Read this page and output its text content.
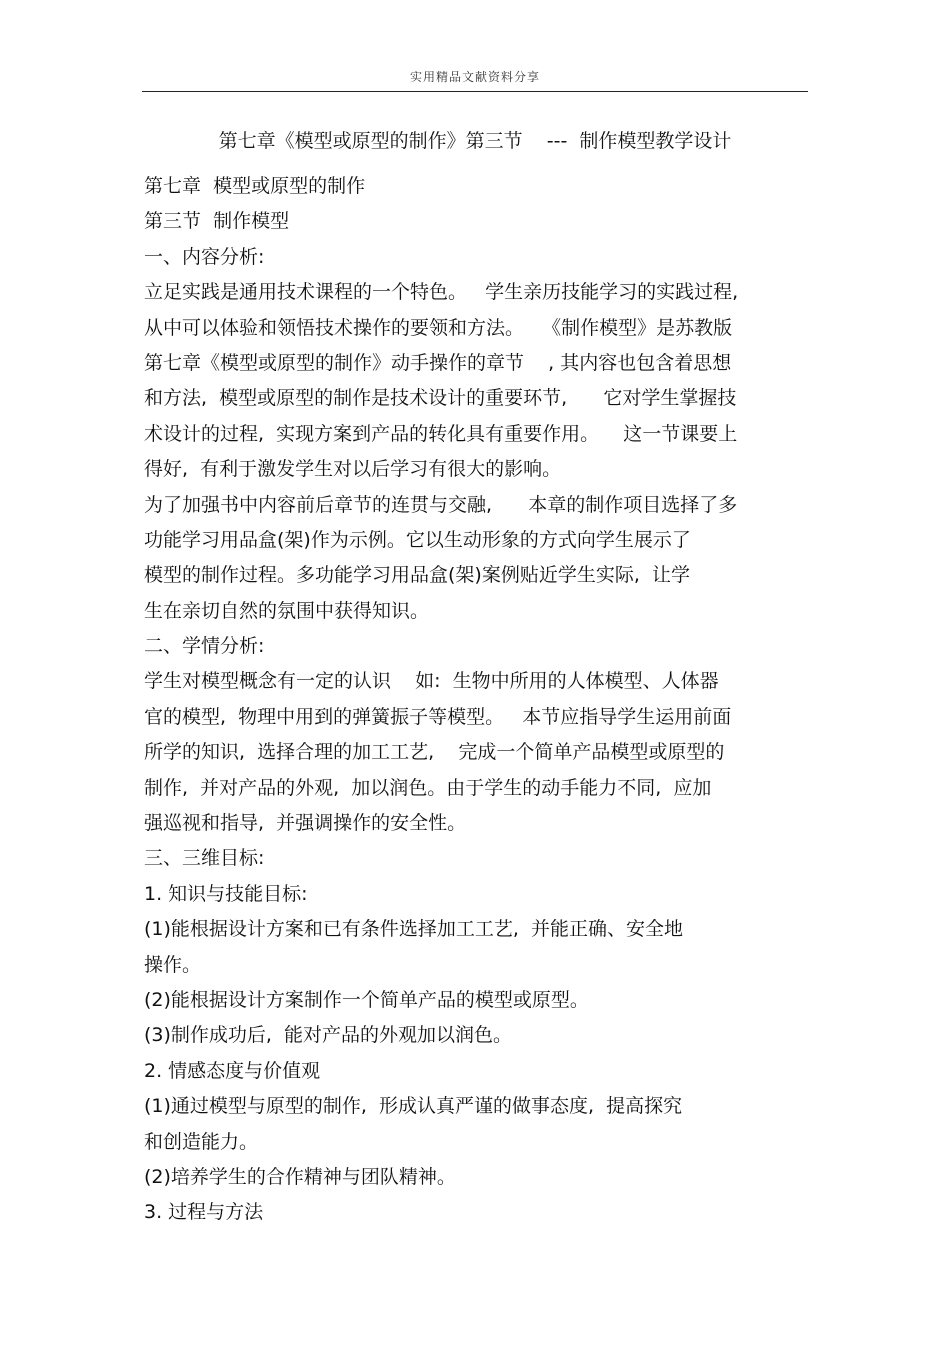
实用精品文献资料分享
第七章《模型或原型的制作》第三节    ---  制作模型教学设计
第七章  模型或原型的制作
第三节  制作模型
一、内容分析:
立足实践是通用技术课程的一个特色。   学生亲历技能学习的实践过程,
从中可以体验和领悟技术操作的要领和方法。   《制作模型》是苏教版
第七章《模型或原型的制作》动手操作的章节    , 其内容也包含着思想
和方法,  模型或原型的制作是技术设计的重要环节,      它对学生掌握技
术设计的过程,  实现方案到产品的转化具有重要作用。    这一节课要上
得好,  有利于激发学生对以后学习有很大的影响。
为了加强书中内容前后章节的连贯与交融,      本章的制作项目选择了多
功能学习用品盒(架)作为示例。它以生动形象的方式向学生展示了
模型的制作过程。多功能学习用品盒(架)案例贴近学生实际,  让学
生在亲切自然的氛围中获得知识。
二、学情分析:
学生对模型概念有一定的认识    如:  生物中所用的人体模型、人体器
官的模型,  物理中用到的弹簧振子等模型。   本节应指导学生运用前面
所学的知识,  选择合理的加工工艺,    完成一个简单产品模型或原型的
制作,  并对产品的外观,  加以润色。由于学生的动手能力不同,  应加
强巡视和指导,  并强调操作的安全性。
三、三维目标:
1. 知识与技能目标:
(1)能根据设计方案和已有条件选择加工工艺,  并能正确、安全地
操作。
(2)能根据设计方案制作一个简单产品的模型或原型。
(3)制作成功后,  能对产品的外观加以润色。
2. 情感态度与价值观
(1)通过模型与原型的制作,  形成认真严谨的做事态度,  提高探究
和创造能力。
(2)培养学生的合作精神与团队精神。
3. 过程与方法
